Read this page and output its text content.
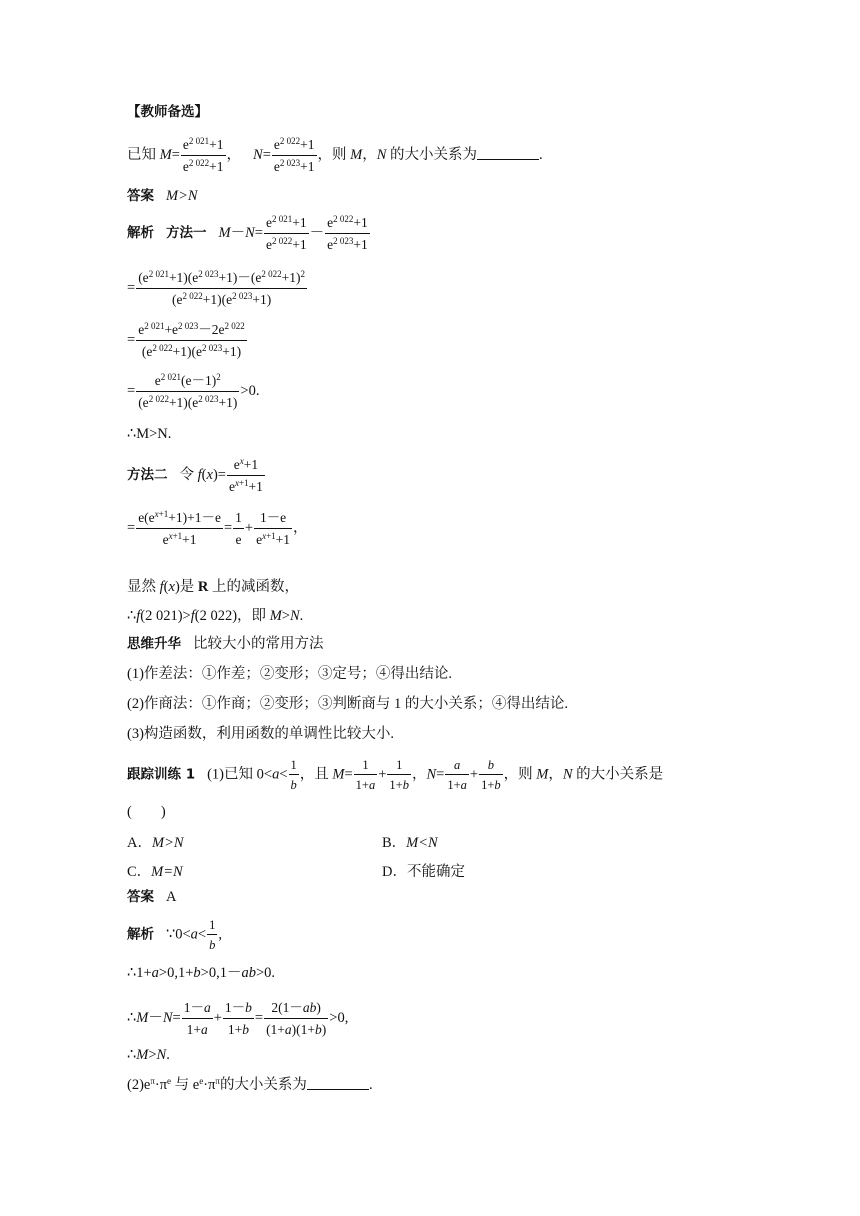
【教师备选】
已知 $M= \frac{e^{2 021}+1}{e^{2 022}+1}$ ， $N= \frac{e^{2 022}+1}{e^{2 023}+1}$ ，则 M，N 的大小关系为	.
答案 M>N
解析 方法一 $M-N= \frac{e^{2 021}+1}{e^{2 022}+1} - \frac{e^{2 022}+1}{e^{2 023}+1}$
= $\frac{(e^{2 021}+1)(e^{2 023}+1)-(e^{2 022}+1)^2}{(e^{2 022}+1)(e^{2 023}+1)}$
= $\frac{e^{2 021}+e^{2 023}-2e^{2 022}}{(e^{2 022}+1)(e^{2 023}+1)}$
= $\frac{e^{2 021}(e-1)^2}{(e^{2 022}+1)(e^{2 023}+1)} >0$.
∴M>N.
方法二 令 $f(x)= \frac{e^x+1}{e^{x+1}+1}$
= $\frac{e(e^{x+1}+1)+1-e}{e^{x+1}+1} = \frac{1}{e} + \frac{1-e}{e^{x+1}+1}$ ，
显然 f(x)是 R 上的减函数，
∴f(2 021)>f(2 022)，即 M>N.
思维升华 比较大小的常用方法
(1)作差法：①作差；②变形；③定号；④得出结论.
(2)作商法：①作商；②变形；③判断商与 1 的大小关系；④得出结论.
(3)构造函数，利用函数的单调性比较大小.
跟踪训练 1 (1)已知 $0<a< \frac{1}{b}$ ，且 $M= \frac{1}{1+a} + \frac{1}{1+b}$ ，$N= \frac{a}{1+a} + \frac{b}{1+b}$ ，则 M，N 的大小关系是
(　　)
A．M>N	B．M<N
C．M=N	D．不能确定
答案 A
解析 ∵0<a< $\frac{1}{b}$ ,
∴1+a>0,1+b>0,1－ab>0.
∴M－N= $\frac{1-a}{1+a} + \frac{1-b}{1+b} = \frac{2(1-ab)}{(1+a)(1+b)} >0$,
∴M>N.
$(2)e^\pi\cdot\pi^e$ 与 $e^e\cdot\pi^\pi$的大小关系为	.
